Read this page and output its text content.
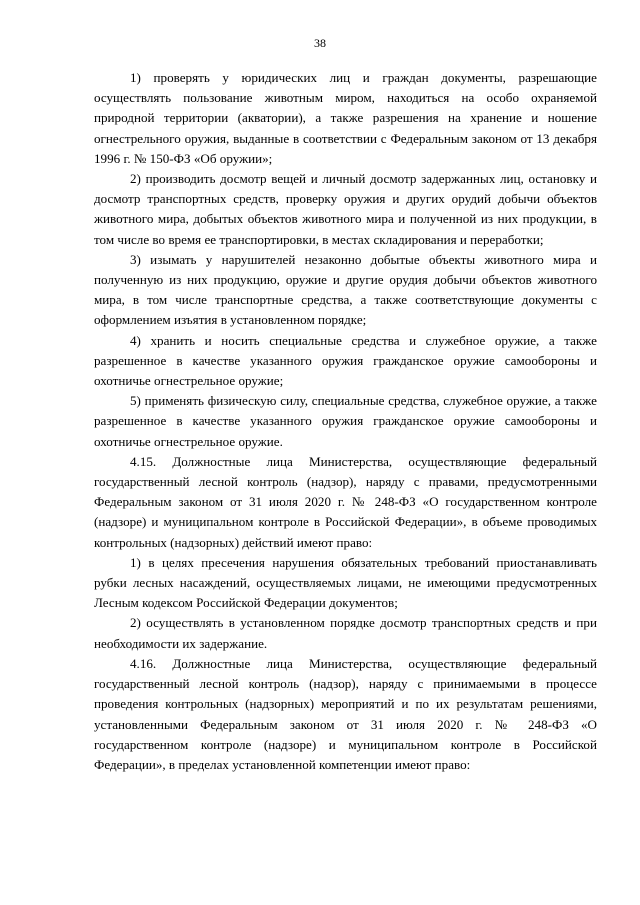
38

1) проверять у юридических лиц и граждан документы, разрешающие осуществлять пользование животным миром, находиться на особо охраняемой природной территории (акватории), а также разрешения на хранение и ношение огнестрельного оружия, выданные в соответствии с Федеральным законом от 13 декабря 1996 г. № 150-ФЗ «Об оружии»;

2) производить досмотр вещей и личный досмотр задержанных лиц, остановку и досмотр транспортных средств, проверку оружия и других орудий добычи объектов животного мира, добытых объектов животного мира и полученной из них продукции, в том числе во время ее транспортировки, в местах складирования и переработки;

3) изымать у нарушителей незаконно добытые объекты животного мира и полученную из них продукцию, оружие и другие орудия добычи объектов животного мира, в том числе транспортные средства, а также соответствующие документы с оформлением изъятия в установленном порядке;

4) хранить и носить специальные средства и служебное оружие, а также разрешенное в качестве указанного оружия гражданское оружие самообороны и охотничье огнестрельное оружие;

5) применять физическую силу, специальные средства, служебное оружие, а также разрешенное в качестве указанного оружия гражданское оружие самообороны и охотничье огнестрельное оружие.

4.15. Должностные лица Министерства, осуществляющие федеральный государственный лесной контроль (надзор), наряду с правами, предусмотренными Федеральным законом от 31 июля 2020 г. № 248-ФЗ «О государственном контроле (надзоре) и муниципальном контроле в Российской Федерации», в объеме проводимых контрольных (надзорных) действий имеют право:

1) в целях пресечения нарушения обязательных требований приостанавливать рубки лесных насаждений, осуществляемых лицами, не имеющими предусмотренных Лесным кодексом Российской Федерации документов;

2) осуществлять в установленном порядке досмотр транспортных средств и при необходимости их задержание.

4.16. Должностные лица Министерства, осуществляющие федеральный государственный лесной контроль (надзор), наряду с принимаемыми в процессе проведения контрольных (надзорных) мероприятий и по их результатам решениями, установленными Федеральным законом от 31 июля 2020 г. № 248-ФЗ «О государственном контроле (надзоре) и муниципальном контроле в Российской Федерации», в пределах установленной компетенции имеют право:
